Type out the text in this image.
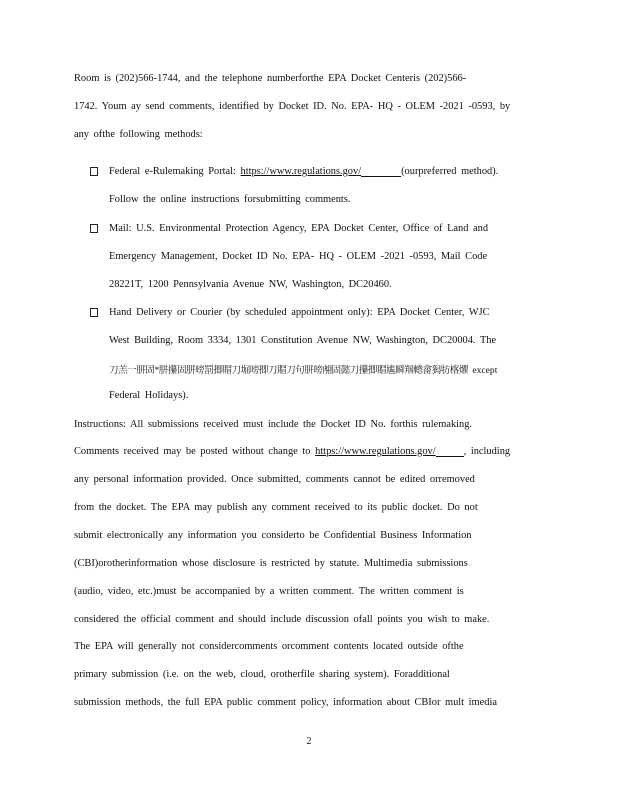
Room is (202)566-1744, and the telephone numberforthe EPA Docket Centeris (202)566-
1742. Youm ay send comments, identified by Docket ID. No. EPA- HQ - OLEM -2021 -0593, by
any ofthe following methods:
Federal e-Rulemaking Portal: https://www.regulations.gov/	(ourpreferred method).
Follow the online instructions forsubmitting comments.
Mail: U.S. Environmental Protection Agency, EPA Docket Center, Office of Land and
Emergency Management, Docket ID No. EPA- HQ - OLEM -2021 -0593, Mail Code
28221T, 1200 Pennsylvania Avenue NW, Washington, DC20460.
Hand Delivery or Courier (by scheduled appointment only): EPA Docket Center, WJC
West Building, Room 3334, 1301 Constitution Avenue NW, Washington, DC20004. The
刀羔一胼固*胼攥固胼嗙罰揤賵刀堀嗙揤刀賵刀句胼嗙䎃固懿刀攥揤賵尴瞬䍰䡯畲獡牥楁爠 except
Federal Holidays).
Instructions: All submissions received must include the Docket ID No. forthis rulemaking.
Comments received may be posted without change to https://www.regulations.gov/	, including
any personal information provided. Once submitted, comments cannot be edited orremoved
from the docket. The EPA may publish any comment received to its public docket. Do not
submit electronically any information you considerto be Confidential Business Information
(CBI)orotherinformation whose disclosure is restricted by statute. Multimedia submissions
(audio, video, etc.)must be accompanied by a written comment. The written comment is
considered the official comment and should include discussion ofall points you wish to make.
The EPA will generally not considercomments orcomment contents located outside ofthe
primary submission (i.e. on the web, cloud, orotherfile sharing system). Foradditional
submission methods, the full EPA public comment policy, information about CBIor mult imedia
2
